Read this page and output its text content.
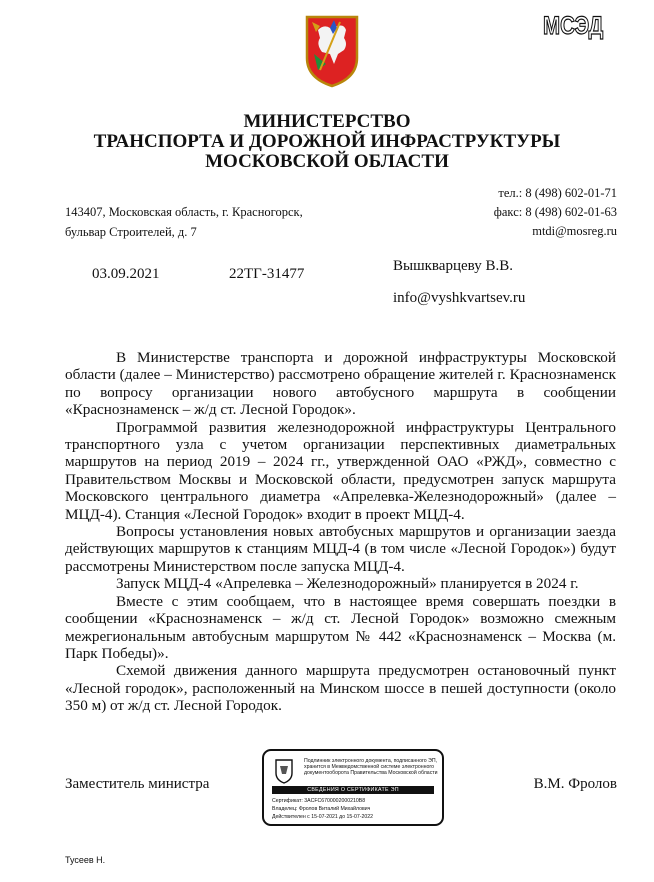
МСЭД
МИНИСТЕРСТВО
ТРАНСПОРТА И ДОРОЖНОЙ ИНФРАСТРУКТУРЫ
МОСКОВСКОЙ ОБЛАСТИ
143407, Московская область, г. Красногорск,
бульвар Строителей, д. 7
тел.: 8 (498) 602-01-71
факс: 8 (498) 602-01-63
mtdi@mosreg.ru
03.09.2021	22ТГ-31477	Вышкварцеву В.В.
info@vyshkvartsev.ru

В Министерстве транспорта и дорожной инфраструктуры Московской области (далее – Министерство) рассмотрено обращение жителей г. Краснознаменск по вопросу организации нового автобусного маршрута в сообщении «Краснознаменск – ж/д ст. Лесной Городок».

Программой развития железнодорожной инфраструктуры Центрального транспортного узла с учетом организации перспективных диаметральных маршрутов на период 2019 – 2024 гг., утвержденной ОАО «РЖД», совместно с Правительством Москвы и Московской области, предусмотрен запуск маршрута Московского центрального диаметра «Апрелевка-Железнодорожный» (далее – МЦД-4). Станция «Лесной Городок» входит в проект МЦД-4.

Вопросы установления новых автобусных маршрутов и организации заезда действующих маршрутов к станциям МЦД-4 (в том числе «Лесной Городок») будут рассмотрены Министерством после запуска МЦД-4.

Запуск МЦД-4 «Апрелевка – Железнодорожный» планируется в 2024 г.

Вместе с этим сообщаем, что в настоящее время совершать поездки в сообщении «Краснознаменск – ж/д ст. Лесной Городок» возможно смежным межрегиональным автобусным маршрутом № 442 «Краснознаменск – Москва (м. Парк Победы)».

Схемой движения данного маршрута предусмотрен остановочный пункт «Лесной городок», расположенный на Минском шоссе в пешей доступности (около 350 м) от ж/д ст. Лесной Городок.

Заместитель министра	В.М. Фролов
Подлинник электронного документа, подписанного ЭП, хранится в Межведомственной системе электронного документооборота Правительства Московской области
СВЕДЕНИЯ О СЕРТИФИКАТЕ ЭП
Сертификат: 3ACFC6700002000210B8
Владелец: Фролов Виталий Михайлович
Действителен с 15-07-2021 до 15-07-2022
Тусеев Н.
